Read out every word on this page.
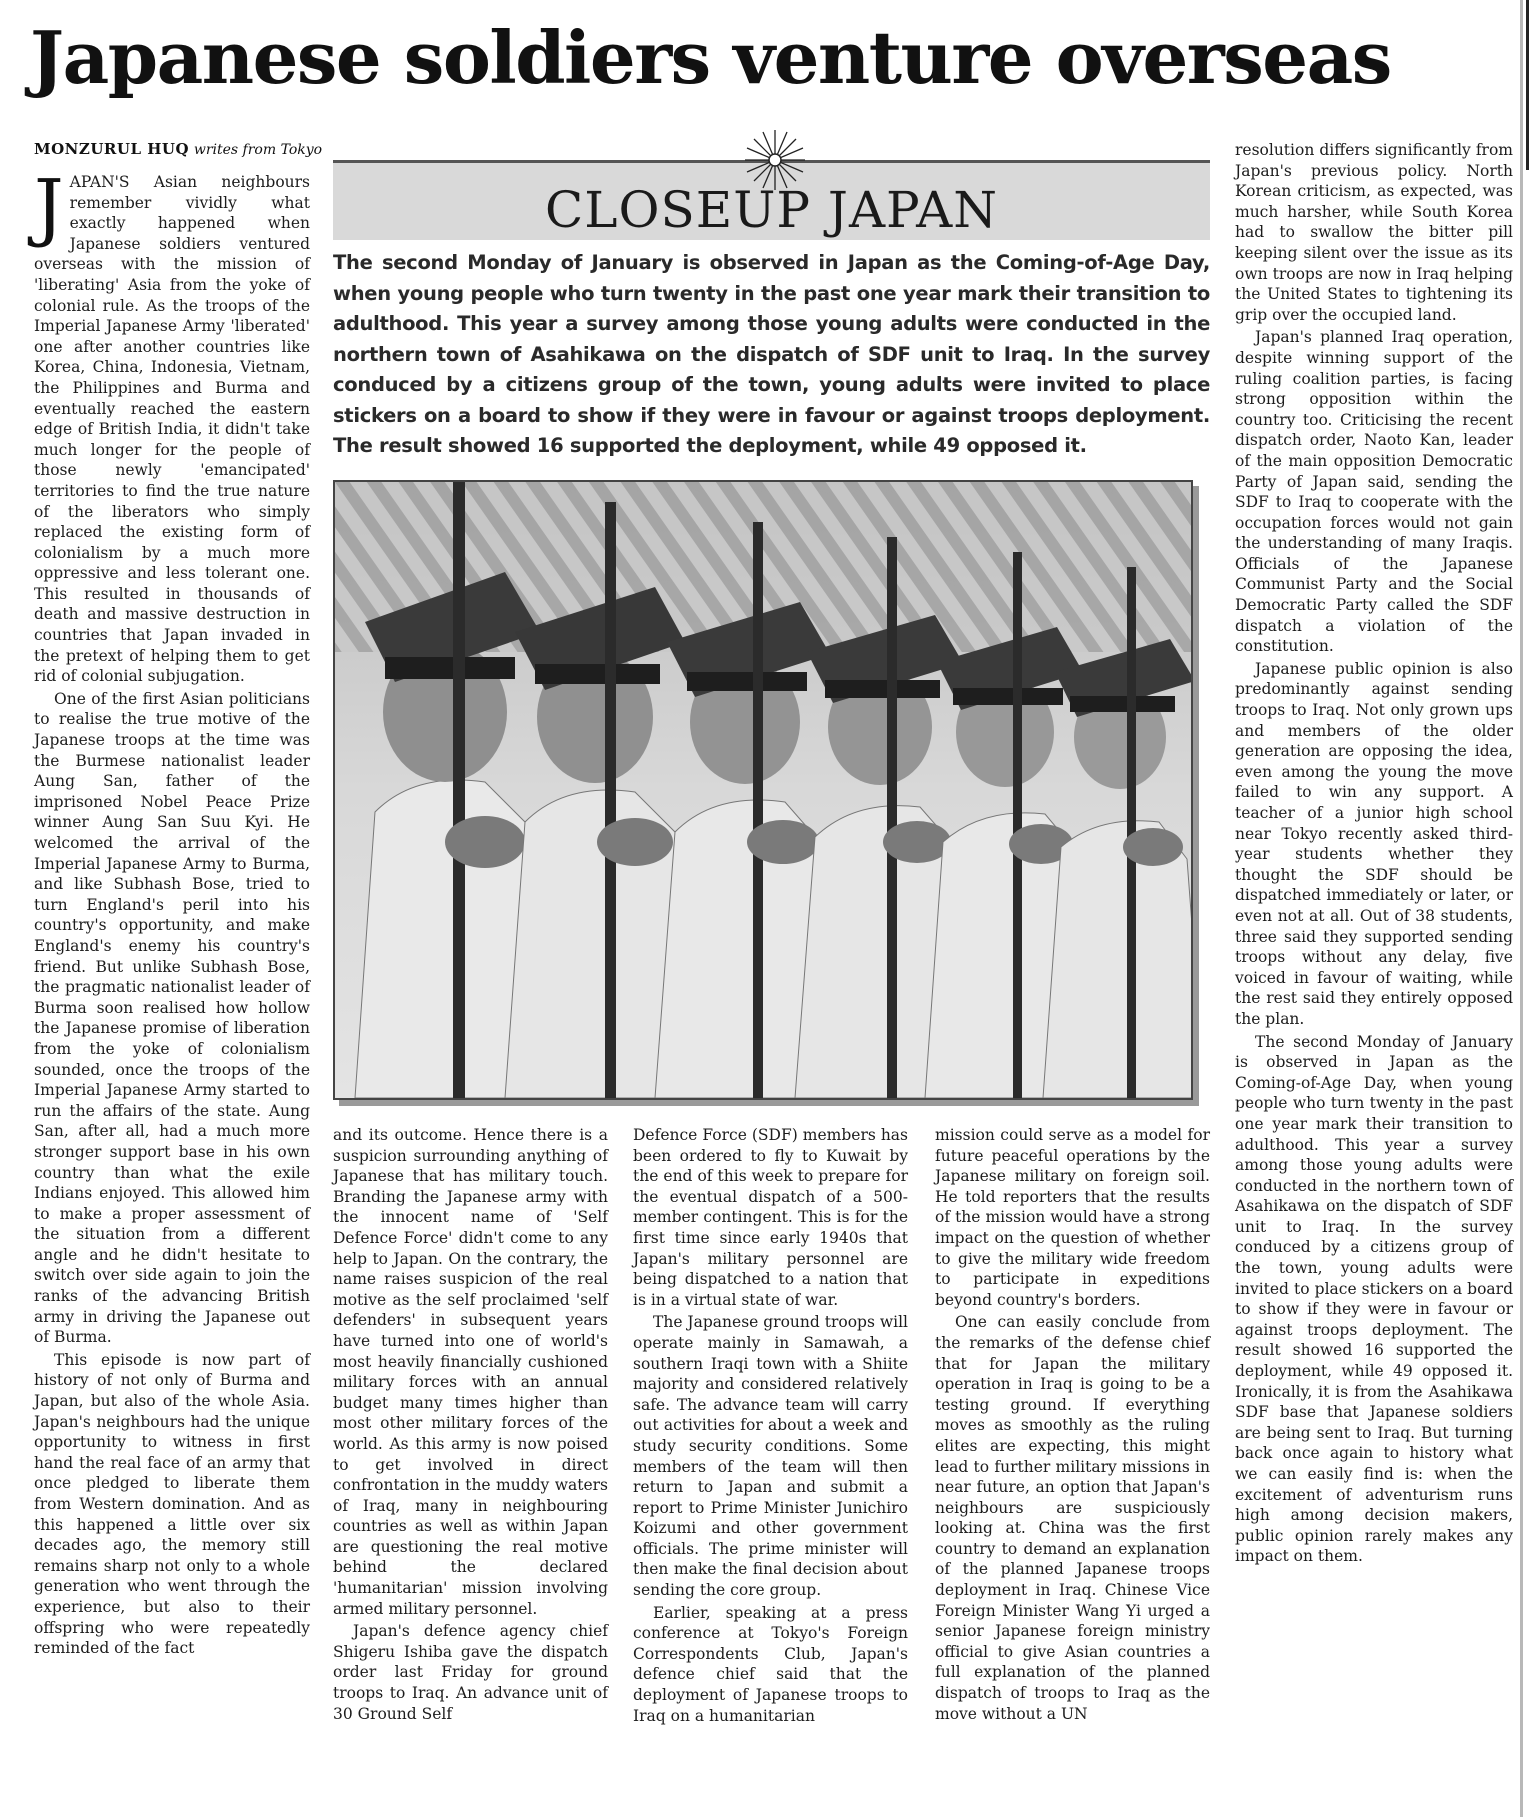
Japanese soldiers venture overseas
MONZURUL HUQ writes from Tokyo

JAPAN'S Asian neighbours remember vividly what exactly happened when Japanese soldiers ventured overseas with the mission of 'liberating' Asia from the yoke of colonial rule. As the troops of the Imperial Japanese Army 'liberated' one after another countries like Korea, China, Indonesia, Vietnam, the Philippines and Burma and eventually reached the eastern edge of British India, it didn't take much longer for the people of those newly 'emancipated' territories to find the true nature of the liberators who simply replaced the existing form of colonialism by a much more oppressive and less tolerant one. This resulted in thousands of death and massive destruction in countries that Japan invaded in the pretext of helping them to get rid of colonial subjugation.

One of the first Asian politicians to realise the true motive of the Japanese troops at the time was the Burmese nationalist leader Aung San, father of the imprisoned Nobel Peace Prize winner Aung San Suu Kyi. He welcomed the arrival of the Imperial Japanese Army to Burma, and like Subhash Bose, tried to turn England's peril into his country's opportunity, and make England's enemy his country's friend. But unlike Subhash Bose, the pragmatic nationalist leader of Burma soon realised how hollow the Japanese promise of liberation from the yoke of colonialism sounded, once the troops of the Imperial Japanese Army started to run the affairs of the state. Aung San, after all, had a much more stronger support base in his own country than what the exile Indians enjoyed. This allowed him to make a proper assessment of the situation from a different angle and he didn't hesitate to switch over side again to join the ranks of the advancing British army in driving the Japanese out of Burma.

This episode is now part of history of not only of Burma and Japan, but also of the whole Asia. Japan's neighbours had the unique opportunity to witness in first hand the real face of an army that once pledged to liberate them from Western domination. And as this happened a little over six decades ago, the memory still remains sharp not only to a whole generation who went through the experience, but also to their offspring who were repeatedly reminded of the fact

CLOSEUP JAPAN
The second Monday of January is observed in Japan as the Coming-of-Age Day, when young people who turn twenty in the past one year mark their transition to adulthood. This year a survey among those young adults were conducted in the northern town of Asahikawa on the dispatch of SDF unit to Iraq. In the survey conduced by a citizens group of the town, young adults were invited to place stickers on a board to show if they were in favour or against troops deployment. The result showed 16 supported the deployment, while 49 opposed it.

and its outcome. Hence there is a suspicion surrounding anything of Japanese that has military touch. Branding the Japanese army with the innocent name of 'Self Defence Force' didn't come to any help to Japan. On the contrary, the name raises suspicion of the real motive as the self proclaimed 'self defenders' in subsequent years have turned into one of world's most heavily financially cushioned military forces with an annual budget many times higher than most other military forces of the world. As this army is now poised to get involved in direct confrontation in the muddy waters of Iraq, many in neighbouring countries as well as within Japan are questioning the real motive behind the declared 'humanitarian' mission involving armed military personnel.

Japan's defence agency chief Shigeru Ishiba gave the dispatch order last Friday for ground troops to Iraq. An advance unit of 30 Ground Self

Defence Force (SDF) members has been ordered to fly to Kuwait by the end of this week to prepare for the eventual dispatch of a 500-member contingent. This is for the first time since early 1940s that Japan's military personnel are being dispatched to a nation that is in a virtual state of war.

The Japanese ground troops will operate mainly in Samawah, a southern Iraqi town with a Shiite majority and considered relatively safe. The advance team will carry out activities for about a week and study security conditions. Some members of the team will then return to Japan and submit a report to Prime Minister Junichiro Koizumi and other government officials. The prime minister will then make the final decision about sending the core group.

Earlier, speaking at a press conference at Tokyo's Foreign Correspondents Club, Japan's defence chief said that the deployment of Japanese troops to Iraq on a humanitarian

mission could serve as a model for future peaceful operations by the Japanese military on foreign soil. He told reporters that the results of the mission would have a strong impact on the question of whether to give the military wide freedom to participate in expeditions beyond country's borders.

One can easily conclude from the remarks of the defense chief that for Japan the military operation in Iraq is going to be a testing ground. If everything moves as smoothly as the ruling elites are expecting, this might lead to further military missions in near future, an option that Japan's neighbours are suspiciously looking at. China was the first country to demand an explanation of the planned Japanese troops deployment in Iraq. Chinese Vice Foreign Minister Wang Yi urged a senior Japanese foreign ministry official to give Asian countries a full explanation of the planned dispatch of troops to Iraq as the move without a UN

resolution differs significantly from Japan's previous policy. North Korean criticism, as expected, was much harsher, while South Korea had to swallow the bitter pill keeping silent over the issue as its own troops are now in Iraq helping the United States to tightening its grip over the occupied land.

Japan's planned Iraq operation, despite winning support of the ruling coalition parties, is facing strong opposition within the country too. Criticising the recent dispatch order, Naoto Kan, leader of the main opposition Democratic Party of Japan said, sending the SDF to Iraq to cooperate with the occupation forces would not gain the understanding of many Iraqis. Officials of the Japanese Communist Party and the Social Democratic Party called the SDF dispatch a violation of the constitution.

Japanese public opinion is also predominantly against sending troops to Iraq. Not only grown ups and members of the older generation are opposing the idea, even among the young the move failed to win any support. A teacher of a junior high school near Tokyo recently asked third-year students whether they thought the SDF should be dispatched immediately or later, or even not at all. Out of 38 students, three said they supported sending troops without any delay, five voiced in favour of waiting, while the rest said they entirely opposed the plan.

The second Monday of January is observed in Japan as the Coming-of-Age Day, when young people who turn twenty in the past one year mark their transition to adulthood. This year a survey among those young adults were conducted in the northern town of Asahikawa on the dispatch of SDF unit to Iraq. In the survey conduced by a citizens group of the town, young adults were invited to place stickers on a board to show if they were in favour or against troops deployment. The result showed 16 supported the deployment, while 49 opposed it. Ironically, it is from the Asahikawa SDF base that Japanese soldiers are being sent to Iraq. But turning back once again to history what we can easily find is: when the excitement of adventurism runs high among decision makers, public opinion rarely makes any impact on them.
